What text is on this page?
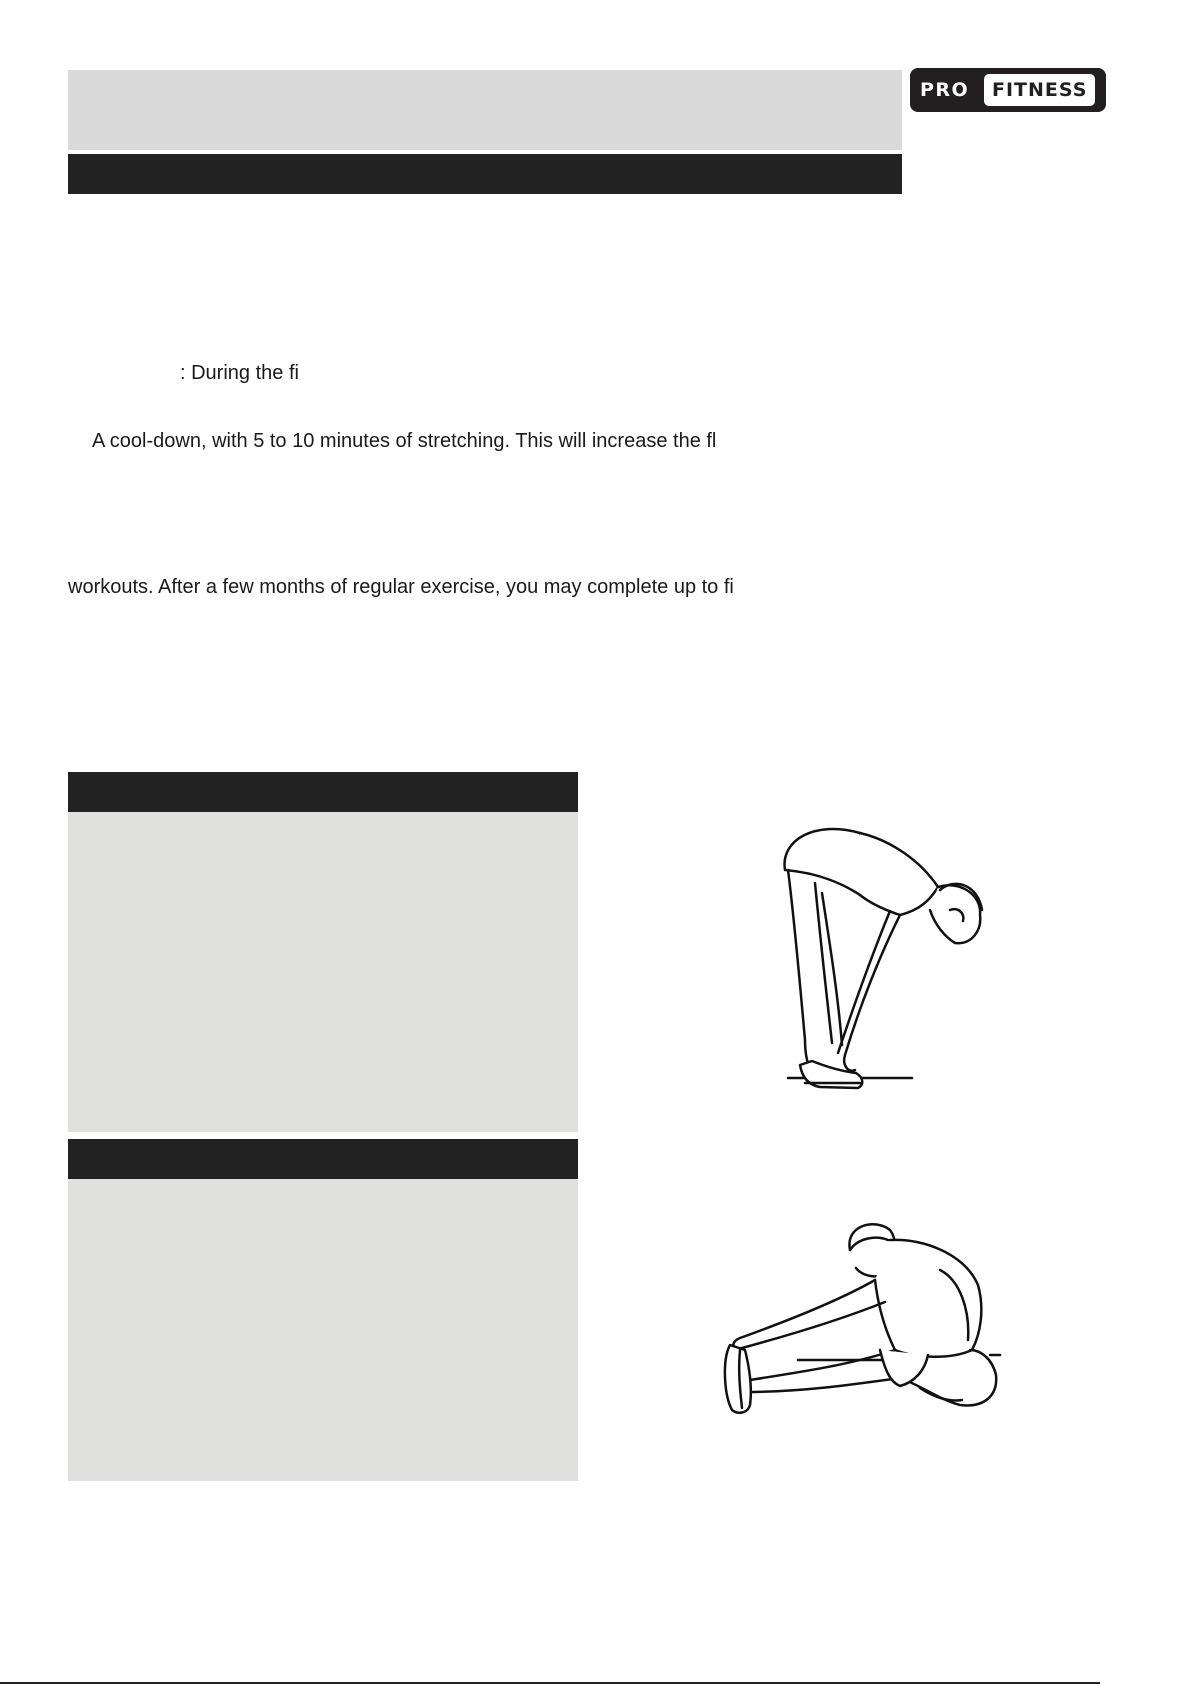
PRO	FITNESS
: During the fi
A cool-down, with 5 to 10 minutes of stretching. This will increase the fl
workouts. After a few months of regular exercise, you may complete up to fi
